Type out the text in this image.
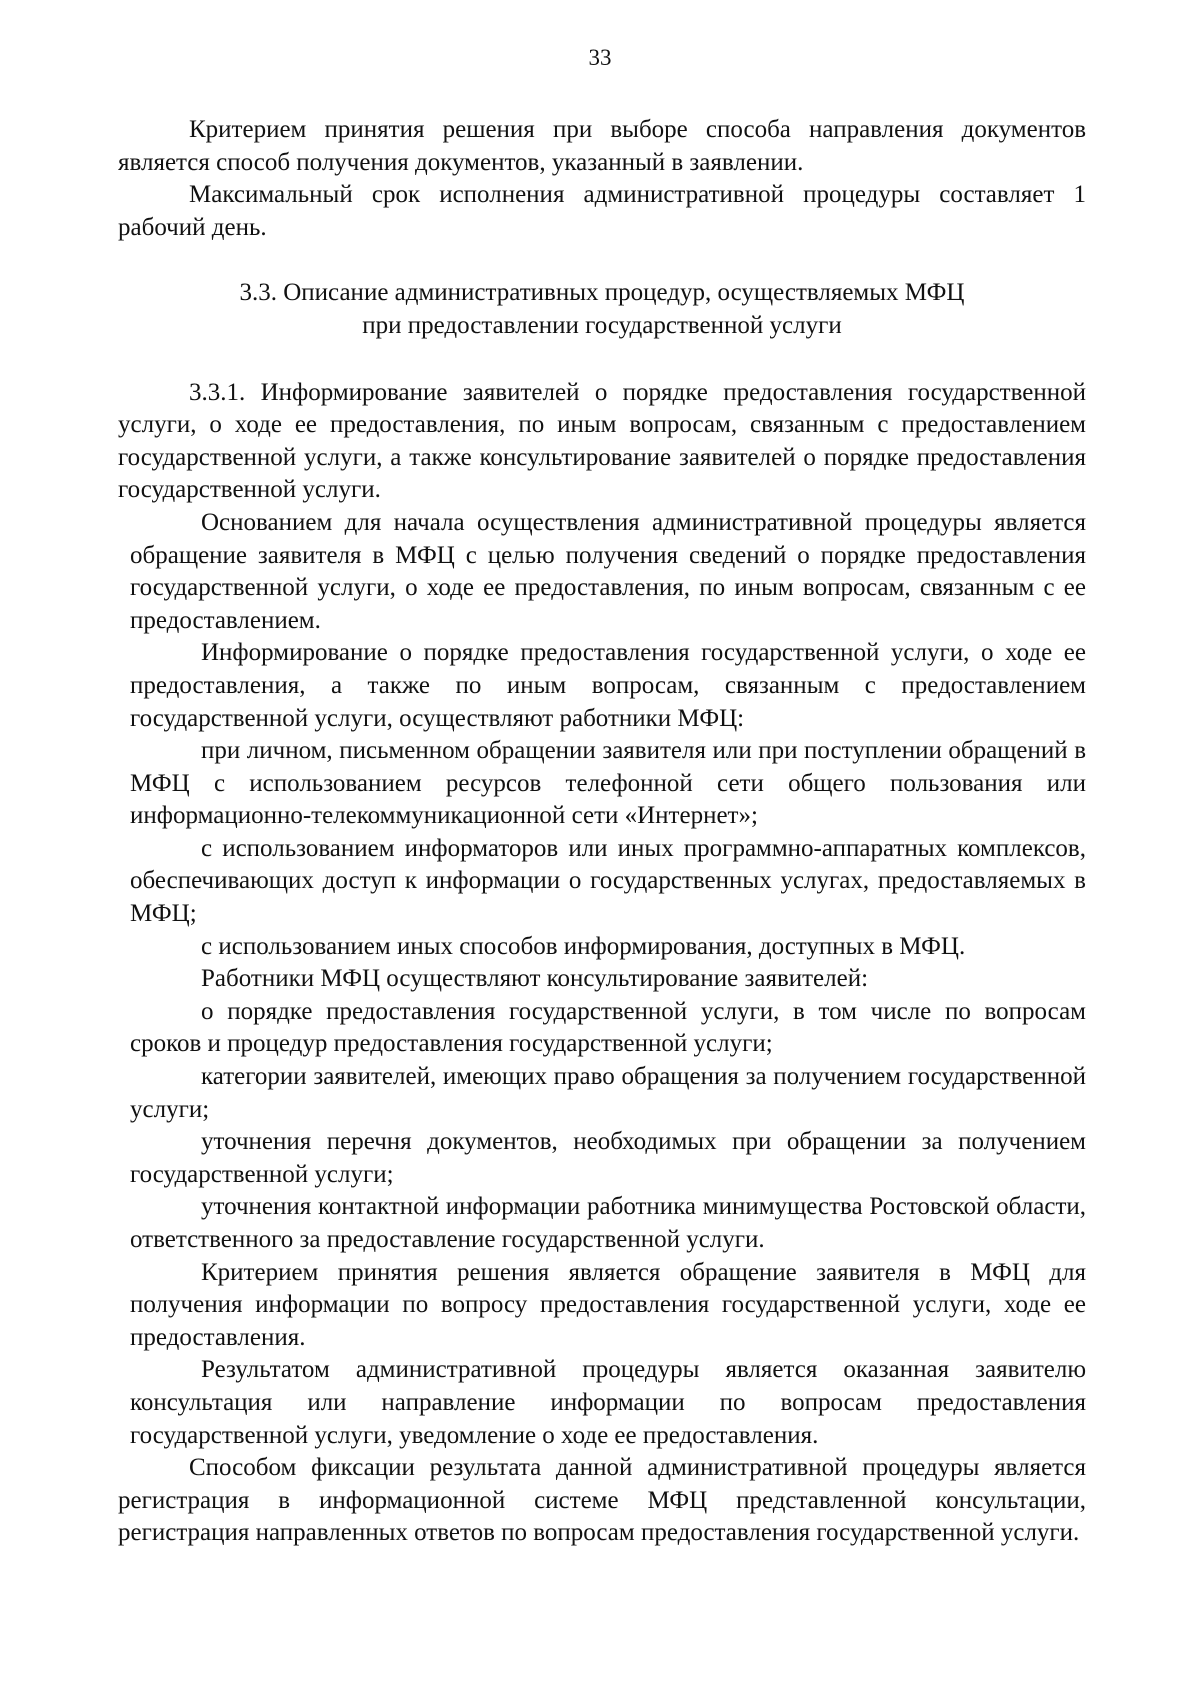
33

Критерием принятия решения при выборе способа направления документов является способ получения документов, указанный в заявлении.

Максимальный срок исполнения административной процедуры составляет 1 рабочий день.

3.3. Описание административных процедур, осуществляемых МФЦ
при предоставлении государственной услуги

3.3.1. Информирование заявителей о порядке предоставления государственной услуги, о ходе ее предоставления, по иным вопросам, связанным с предоставлением государственной услуги, а также консультирование заявителей о порядке предоставления государственной услуги.

Основанием для начала осуществления административной процедуры является обращение заявителя в МФЦ с целью получения сведений о порядке предоставления государственной услуги, о ходе ее предоставления, по иным вопросам, связанным с ее предоставлением.

Информирование о порядке предоставления государственной услуги, о ходе ее предоставления, а также по иным вопросам, связанным с предоставлением государственной услуги, осуществляют работники МФЦ:

при личном, письменном обращении заявителя или при поступлении обращений в МФЦ с использованием ресурсов телефонной сети общего пользования или информационно-телекоммуникационной сети «Интернет»;

с использованием информаторов или иных программно-аппаратных комплексов, обеспечивающих доступ к информации о государственных услугах, предоставляемых в МФЦ;

с использованием иных способов информирования, доступных в МФЦ.

Работники МФЦ осуществляют консультирование заявителей:

о порядке предоставления государственной услуги, в том числе по вопросам сроков и процедур предоставления государственной услуги;

категории заявителей, имеющих право обращения за получением государственной услуги;

уточнения перечня документов, необходимых при обращении за получением государственной услуги;

уточнения контактной информации работника минимущества Ростовской области, ответственного за предоставление государственной услуги.

Критерием принятия решения является обращение заявителя в МФЦ для получения информации по вопросу предоставления государственной услуги, ходе ее предоставления.

Результатом административной процедуры является оказанная заявителю консультация или направление информации по вопросам предоставления государственной услуги, уведомление о ходе ее предоставления.

Способом фиксации результата данной административной процедуры является регистрация в информационной системе МФЦ представленной консультации, регистрация направленных ответов по вопросам предоставления государственной услуги.
